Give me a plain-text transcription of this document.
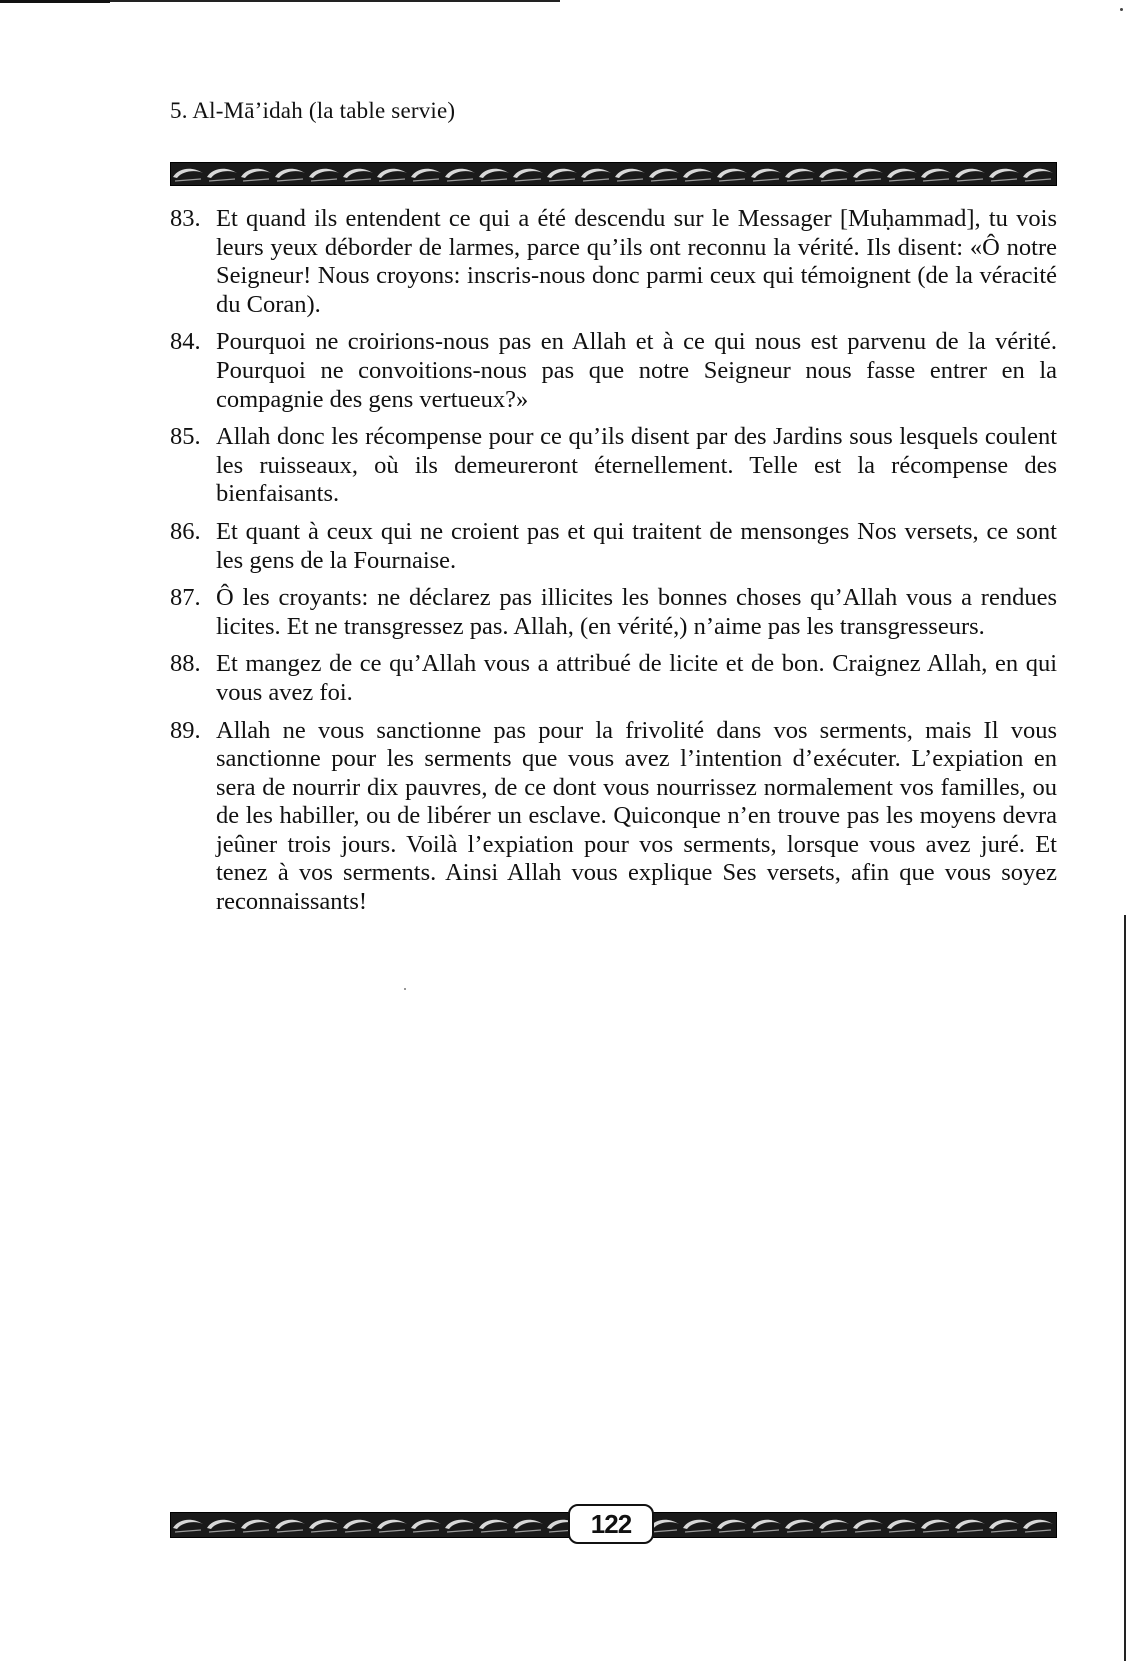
5. Al-Mā’idah (la table servie)
83. Et quand ils entendent ce qui a été descendu sur le Messager [Muḥammad], tu vois leurs yeux déborder de larmes, parce qu’ils ont reconnu la vérité. Ils disent: «Ô notre Seigneur! Nous croyons: inscris-nous donc parmi ceux qui témoignent (de la véracité du Coran).
84. Pourquoi ne croirions-nous pas en Allah et à ce qui nous est parvenu de la vérité. Pourquoi ne convoitions-nous pas que notre Seigneur nous fasse entrer en la compagnie des gens vertueux?»
85. Allah donc les récompense pour ce qu’ils disent par des Jardins sous lesquels coulent les ruisseaux, où ils demeureront éternellement. Telle est la récompense des bienfaisants.
86. Et quant à ceux qui ne croient pas et qui traitent de mensonges Nos versets, ce sont les gens de la Fournaise.
87. Ô les croyants: ne déclarez pas illicites les bonnes choses qu’Allah vous a rendues licites. Et ne transgressez pas. Allah, (en vérité,) n’aime pas les transgresseurs.
88. Et mangez de ce qu’Allah vous a attribué de licite et de bon. Craignez Allah, en qui vous avez foi.
89. Allah ne vous sanctionne pas pour la frivolité dans vos serments, mais Il vous sanctionne pour les serments que vous avez l’intention d’exécuter. L’expiation en sera de nourrir dix pauvres, de ce dont vous nourrissez normalement vos familles, ou de les habiller, ou de libérer un esclave. Quiconque n’en trouve pas les moyens devra jeûner trois jours. Voilà l’expiation pour vos serments, lorsque vous avez juré. Et tenez à vos serments. Ainsi Allah vous explique Ses versets, afin que vous soyez reconnaissants!
122
